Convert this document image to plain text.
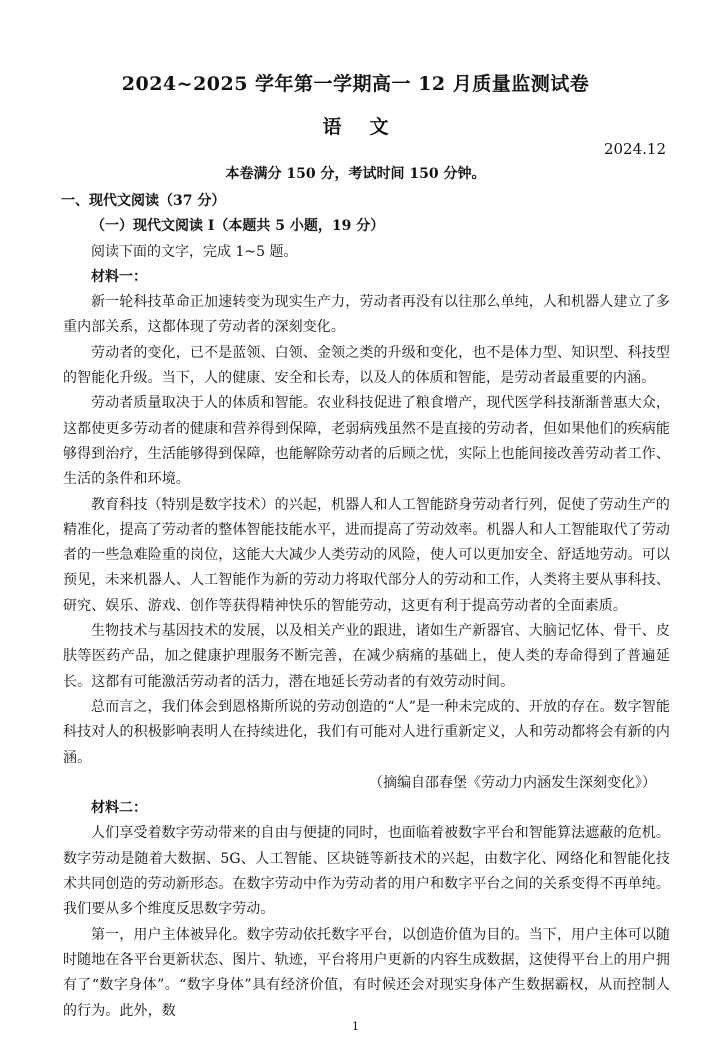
2024~2025 学年第一学期高一 12 月质量监测试卷
语文
2024.12
本卷满分 150 分，考试时间 150 分钟。

一、现代文阅读（37 分）

（一）现代文阅读 I（本题共 5 小题，19 分）

阅读下面的文字，完成 1~5 题。

材料一：

新一轮科技革命正加速转变为现实生产力，劳动者再没有以往那么单纯，人和机器人建立了多重内部关系，这都体现了劳动者的深刻变化。

劳动者的变化，已不是蓝领、白领、金领之类的升级和变化，也不是体力型、知识型、科技型的智能化升级。当下，人的健康、安全和长寿，以及人的体质和智能，是劳动者最重要的内涵。

劳动者质量取决于人的体质和智能。农业科技促进了粮食增产，现代医学科技渐渐普惠大众，这都使更多劳动者的健康和营养得到保障，老弱病残虽然不是直接的劳动者，但如果他们的疾病能够得到治疗，生活能够得到保障，也能解除劳动者的后顾之忧，实际上也能间接改善劳动者工作、生活的条件和环境。

教育科技（特别是数字技术）的兴起，机器人和人工智能跻身劳动者行列，促使了劳动生产的精准化，提高了劳动者的整体智能技能水平，进而提高了劳动效率。机器人和人工智能取代了劳动者的一些急难险重的岗位，这能大大减少人类劳动的风险，使人可以更加安全、舒适地劳动。可以预见，未来机器人、人工智能作为新的劳动力将取代部分人的劳动和工作，人类将主要从事科技、研究、娱乐、游戏、创作等获得精神快乐的智能劳动，这更有利于提高劳动者的全面素质。

生物技术与基因技术的发展，以及相关产业的跟进，诸如生产新器官、大脑记忆体、骨干、皮肤等医药产品，加之健康护理服务不断完善，在减少病痛的基础上，使人类的寿命得到了普遍延长。这都有可能激活劳动者的活力，潜在地延长劳动者的有效劳动时间。

总而言之，我们体会到恩格斯所说的劳动创造的“人”是一种未完成的、开放的存在。数字智能科技对人的积极影响表明人在持续进化，我们有可能对人进行重新定义，人和劳动都将会有新的内涵。

（摘编自邵春堡《劳动力内涵发生深刻变化》）

材料二：

人们享受着数字劳动带来的自由与便捷的同时，也面临着被数字平台和智能算法遮蔽的危机。数字劳动是随着大数据、5G、人工智能、区块链等新技术的兴起，由数字化、网络化和智能化技术共同创造的劳动新形态。在数字劳动中作为劳动者的用户和数字平台之间的关系变得不再单纯。我们要从多个维度反思数字劳动。

第一，用户主体被异化。数字劳动依托数字平台，以创造价值为目的。当下，用户主体可以随时随地在各平台更新状态、图片、轨迹，平台将用户更新的内容生成数据，这使得平台上的用户拥有了“数字身体”。“数字身体”具有经济价值，有时候还会对现实身体产生数据霸权，从而控制人的行为。此外，数

1
